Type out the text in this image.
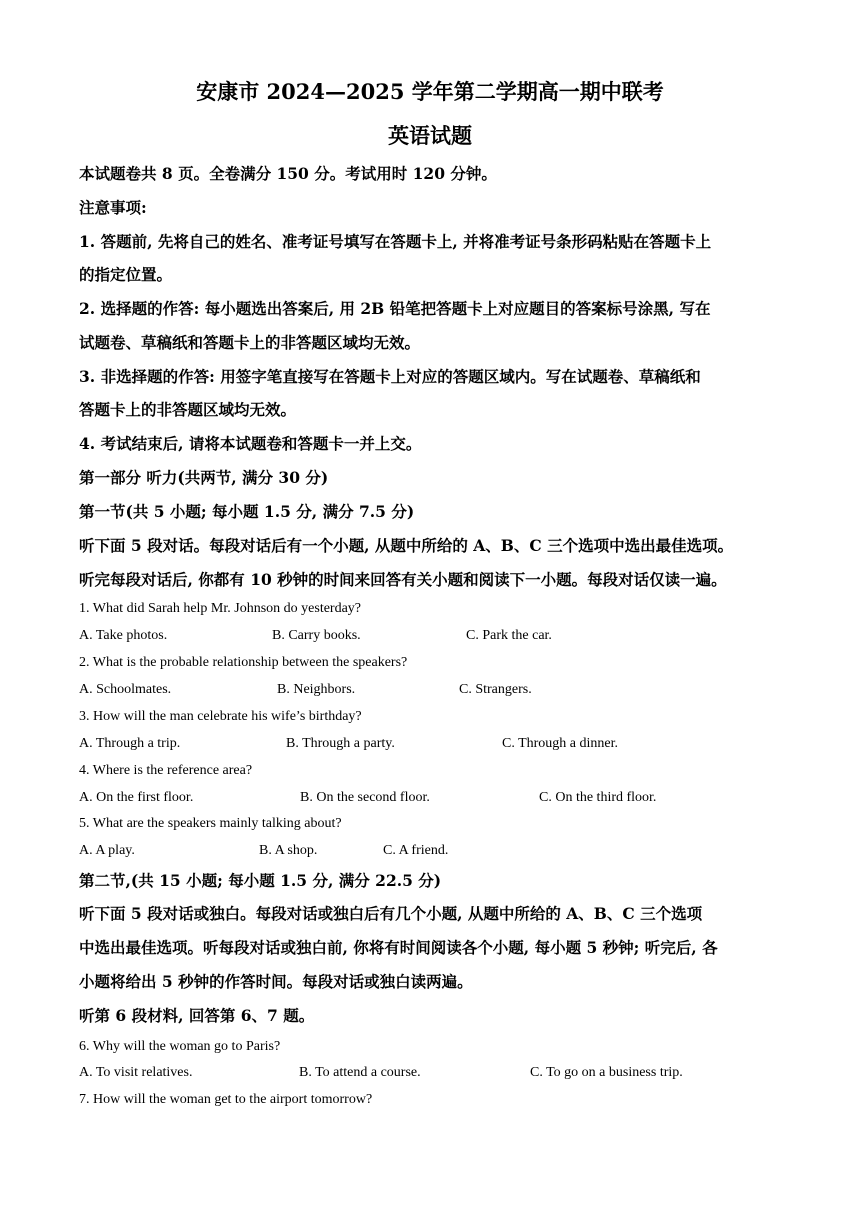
安康市 2024—2025 学年第二学期高一期中联考
英语试题
本试题卷共 8 页。全卷满分 150 分。考试用时 120 分钟。
注意事项:
1. 答题前, 先将自己的姓名、准考证号填写在答题卡上, 并将准考证号条形码粘贴在答题卡上
的指定位置。
2. 选择题的作答: 每小题选出答案后, 用 2B 铅笔把答题卡上对应题目的答案标号涂黑, 写在
试题卷、草稿纸和答题卡上的非答题区域均无效。
3. 非选择题的作答: 用签字笔直接写在答题卡上对应的答题区域内。写在试题卷、草稿纸和
答题卡上的非答题区域均无效。
4. 考试结束后, 请将本试题卷和答题卡一并上交。
第一部分 听力(共两节, 满分 30 分)
第一节(共 5 小题; 每小题 1.5 分, 满分 7.5 分)
听下面 5 段对话。每段对话后有一个小题, 从题中所给的 A、B、C 三个选项中选出最佳选项。
听完每段对话后, 你都有 10 秒钟的时间来回答有关小题和阅读下一小题。每段对话仅读一遍。
1. What did Sarah help Mr. Johnson do yesterday?
A. Take photos.	B. Carry books.	C. Park the car.
2. What is the probable relationship between the speakers?
A. Schoolmates.	B. Neighbors.	C. Strangers.
3. How will the man celebrate his wife’s birthday?
A. Through a trip.	B. Through a party.	C. Through a dinner.
4. Where is the reference area?
A. On the first floor.	B. On the second floor.	C. On the third floor.
5. What are the speakers mainly talking about?
A. A play.	B. A shop.	C. A friend.
第二节,(共 15 小题; 每小题 1.5 分, 满分 22.5 分)
听下面 5 段对话或独白。每段对话或独白后有几个小题, 从题中所给的 A、B、C 三个选项
中选出最佳选项。听每段对话或独白前, 你将有时间阅读各个小题, 每小题 5 秒钟; 听完后, 各
小题将给出 5 秒钟的作答时间。每段对话或独白读两遍。
听第 6 段材料, 回答第 6、7 题。
6. Why will the woman go to Paris?
A. To visit relatives.	B. To attend a course.	C. To go on a business trip.
7. How will the woman get to the airport tomorrow?
